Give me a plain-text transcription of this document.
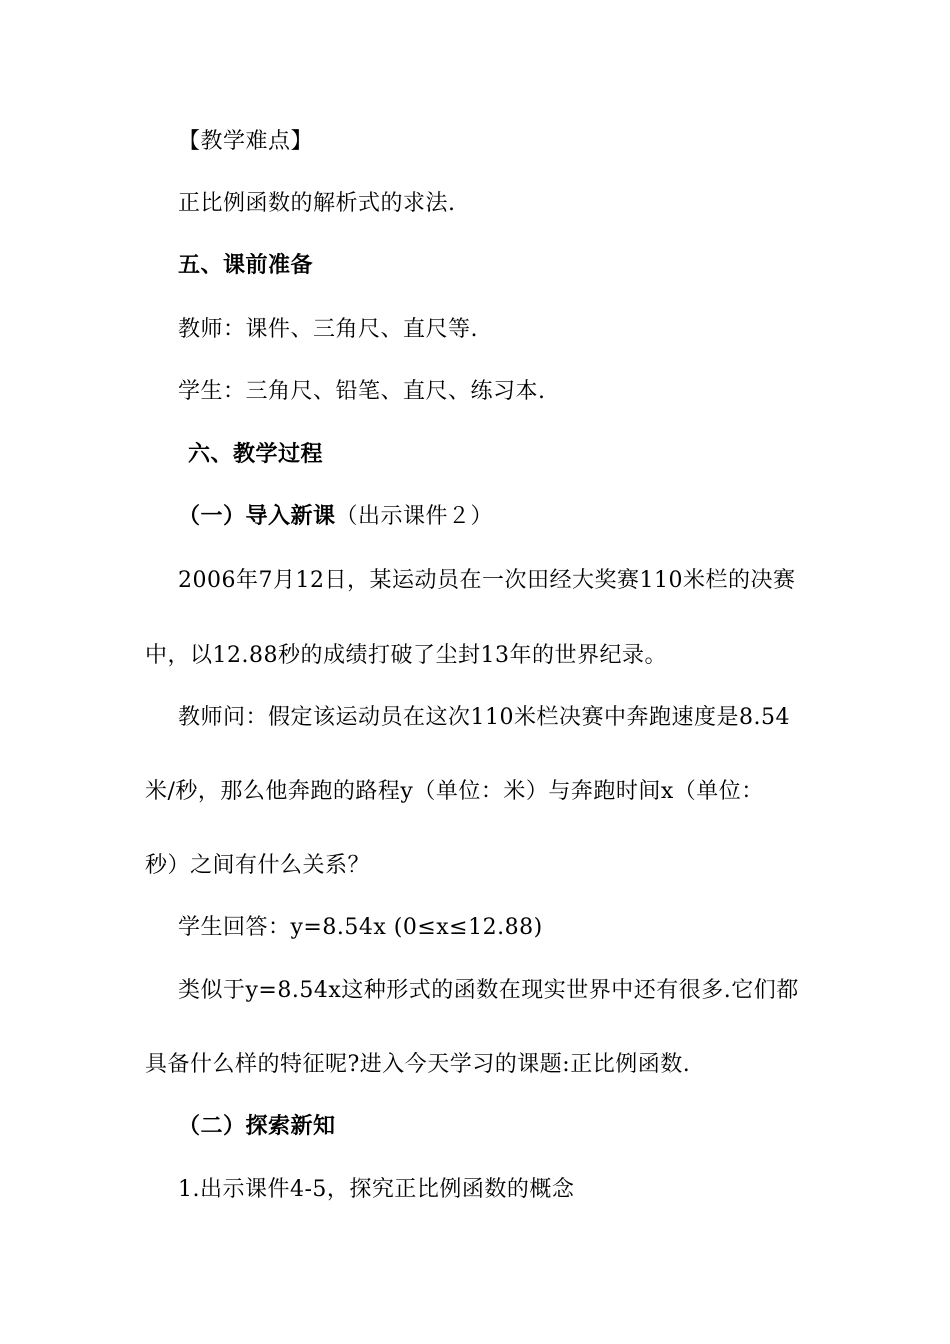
【教学难点】
正比例函数的解析式的求法.
五、课前准备
教师：课件、三角尺、直尺等.
学生：三角尺、铅笔、直尺、练习本.
六、教学过程
（一）导入新课（出示课件２）
2006年7月12日，某运动员在一次田经大奖赛110米栏的决赛
中，以12.88秒的成绩打破了尘封13年的世界纪录。
教师问：假定该运动员在这次110米栏决赛中奔跑速度是8.54
米/秒，那么他奔跑的路程y（单位：米）与奔跑时间x（单位：
秒）之间有什么关系？
学生回答：y=8.54x (0≤x≤12.88)
类似于y=8.54x这种形式的函数在现实世界中还有很多.它们都
具备什么样的特征呢?进入今天学习的课题:正比例函数.
（二）探索新知
1.出示课件4-5，探究正比例函数的概念
